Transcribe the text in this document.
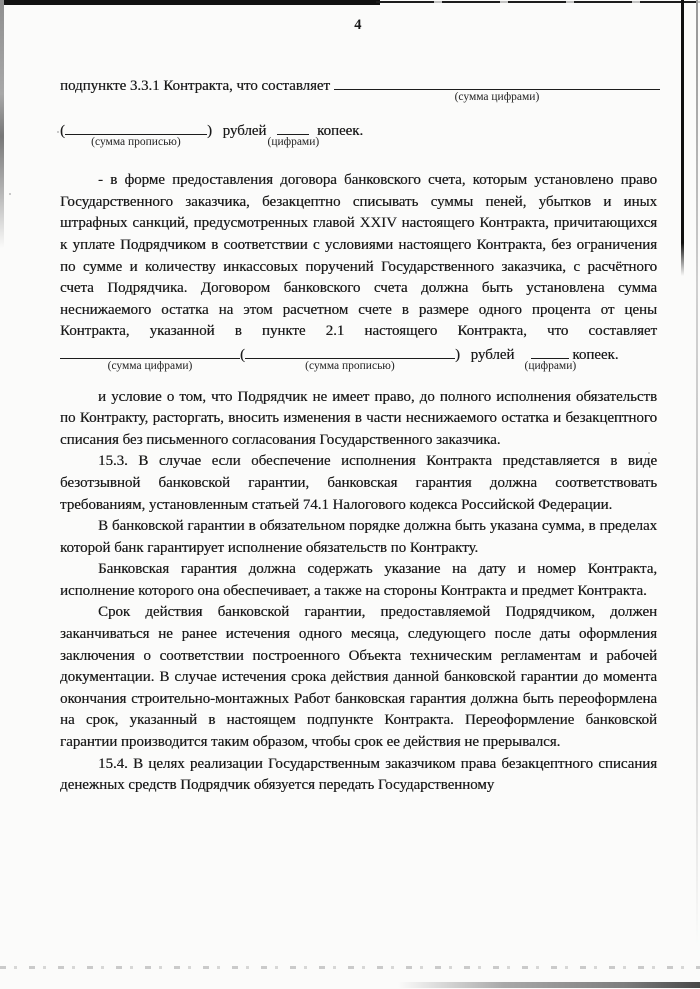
4
подпункте 3.3.1 Контракта, что составляет
(сумма цифрами)
(
(сумма прописью)
) рублей
(цифрами)
копеек.

- в форме предоставления договора банковского счета, которым установлено право Государственного заказчика, безакцептно списывать суммы пеней, убытков и иных штрафных санкций, предусмотренных главой XXIV настоящего Контракта, причитающихся к уплате Подрядчиком в соответствии с условиями настоящего Контракта, без ограничения по сумме и количеству инкассовых поручений Государственного заказчика, с расчётного счета Подрядчика. Договором банковского счета должна быть установлена сумма неснижаемого остатка на этом расчетном счете в размере одного процента от цены Контракта, указанной в пункте 2.1 настоящего Контракта, что составляет

(сумма цифрами)
(
(сумма прописью)
) рублей
(цифрами)
копеек.

и условие о том, что Подрядчик не имеет право, до полного исполнения обязательств по Контракту, расторгать, вносить изменения в части неснижаемого остатка и безакцептного списания без письменного согласования Государственного заказчика.

15.3. В случае если обеспечение исполнения Контракта представляется в виде безотзывной банковской гарантии, банковская гарантия должна соответствовать требованиям, установленным статьей 74.1 Налогового кодекса Российской Федерации.

В банковской гарантии в обязательном порядке должна быть указана сумма, в пределах которой банк гарантирует исполнение обязательств по Контракту.

Банковская гарантия должна содержать указание на дату и номер Контракта, исполнение которого она обеспечивает, а также на стороны Контракта и предмет Контракта.

Срок действия банковской гарантии, предоставляемой Подрядчиком, должен заканчиваться не ранее истечения одного месяца, следующего после даты оформления заключения о соответствии построенного Объекта техническим регламентам и рабочей документации. В случае истечения срока действия данной банковской гарантии до момента окончания строительно-монтажных Работ банковская гарантия должна быть переоформлена на срок, указанный в настоящем подпункте Контракта. Переоформление банковской гарантии производится таким образом, чтобы срок ее действия не прерывался.

15.4. В целях реализации Государственным заказчиком права безакцептного списания денежных средств Подрядчик обязуется передать Государственному
